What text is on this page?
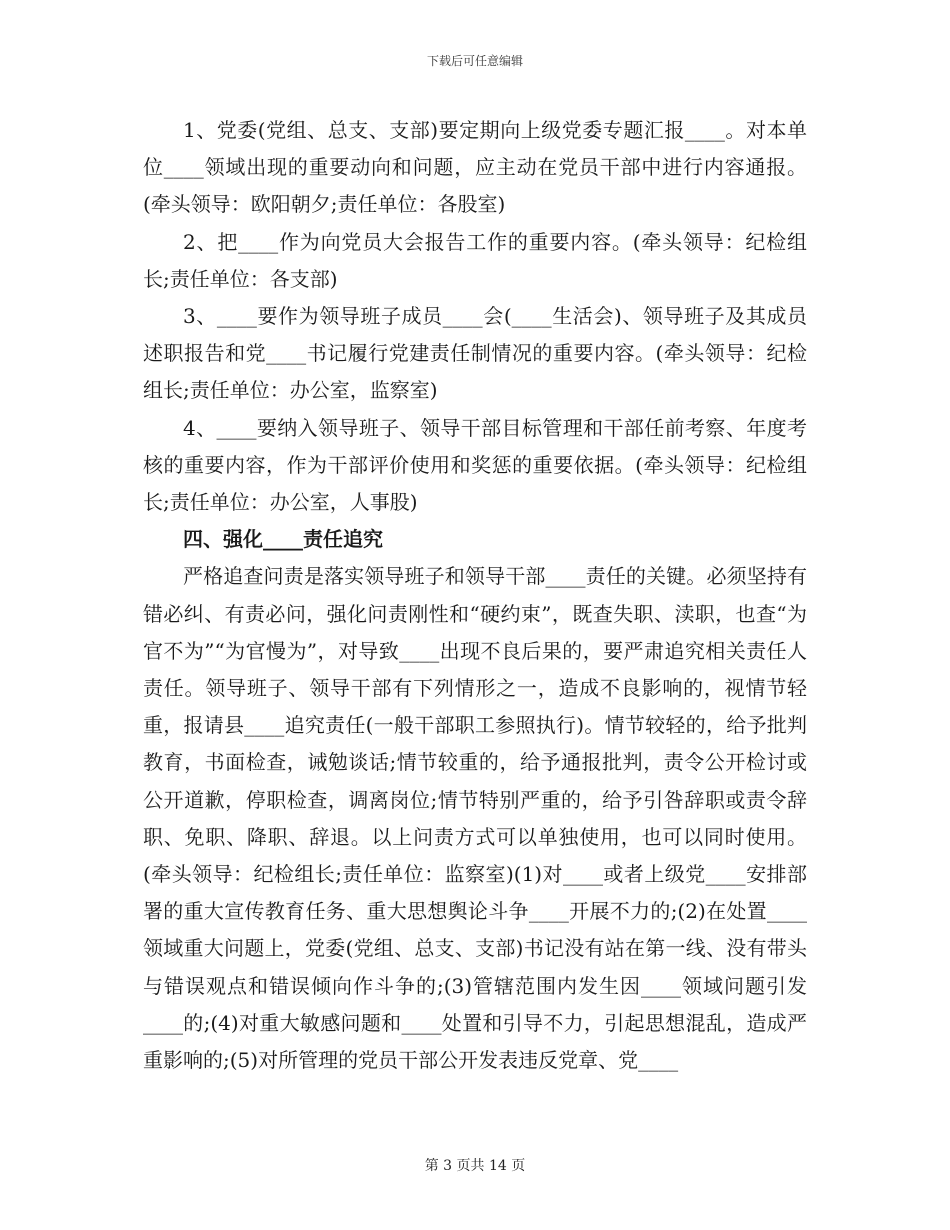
下载后可任意编辑

1、党委(党组、总支、支部)要定期向上级党委专题汇报____。对本单位____领域出现的重要动向和问题，应主动在党员干部中进行内容通报。(牵头领导：欧阳朝夕;责任单位：各股室)

2、把____作为向党员大会报告工作的重要内容。(牵头领导：纪检组长;责任单位：各支部)

3、____要作为领导班子成员____会(____生活会)、领导班子及其成员述职报告和党____书记履行党建责任制情况的重要内容。(牵头领导：纪检组长;责任单位：办公室，监察室)

4、____要纳入领导班子、领导干部目标管理和干部任前考察、年度考核的重要内容，作为干部评价使用和奖惩的重要依据。(牵头领导：纪检组长;责任单位：办公室，人事股)

四、强化____责任追究

严格追查问责是落实领导班子和领导干部____责任的关键。必须坚持有错必纠、有责必问，强化问责刚性和“硬约束”，既查失职、渎职，也查“为官不为”“为官慢为”，对导致____出现不良后果的，要严肃追究相关责任人责任。领导班子、领导干部有下列情形之一，造成不良影响的，视情节轻重，报请县____追究责任(一般干部职工参照执行)。情节较轻的，给予批判教育，书面检查，诫勉谈话;情节较重的，给予通报批判，责令公开检讨或公开道歉，停职检查，调离岗位;情节特别严重的，给予引咎辞职或责令辞职、免职、降职、辞退。以上问责方式可以单独使用，也可以同时使用。(牵头领导：纪检组长;责任单位：监察室)(1)对____或者上级党____安排部署的重大宣传教育任务、重大思想舆论斗争____开展不力的;(2)在处置____领域重大问题上，党委(党组、总支、支部)书记没有站在第一线、没有带头与错误观点和错误倾向作斗争的;(3)管辖范围内发生因____领域问题引发____的;(4)对重大敏感问题和____处置和引导不力，引起思想混乱，造成严重影响的;(5)对所管理的党员干部公开发表违反党章、党____

第 3 页共 14 页
